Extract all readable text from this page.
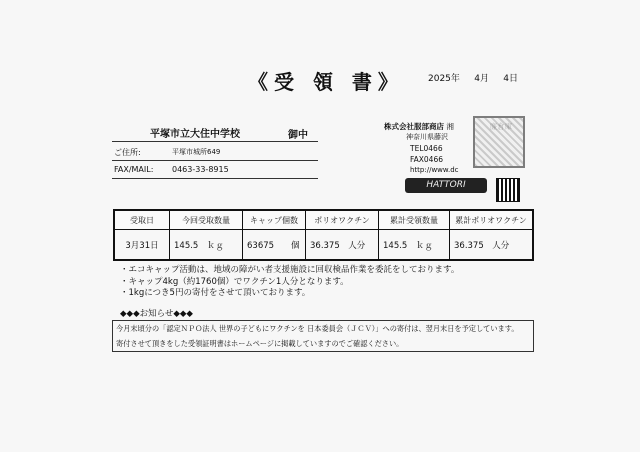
《受 領 書》	2025年 4月 4日
平塚市立大住中学校	御中
ご住所:	平塚市城所649
FAX/MAIL: 0463-33-8915
株式会社服部商店 湘
神奈川県藤沢
TEL0466
FAX0466
http://www.dc
HATTORI
受取日	今回受取数量	キャップ個数	ポリオワクチン	累計受領数量	累計ポリオワクチン
3月31日	145.5　ｋｇ	63675　　個	36.375　人分	145.5　ｋｇ	36.375　人分
・エコキャップ活動は、地域の障がい者支援施設に回収検品作業を委託をしております。
・キャップ4kg（約1760個）でワクチン1人分となります。
・1kgにつき5円の寄付をさせて頂いております。
◆◆◆お知らせ◆◆◆
今月末頃分の「認定ＮＰＯ法人 世界の子どもにワクチンを 日本委員会（ＪＣＶ）」への寄付は、翌月末日を予定しています。
寄付させて頂きをした受領証明書はホームページに掲載していますのでご確認ください。
